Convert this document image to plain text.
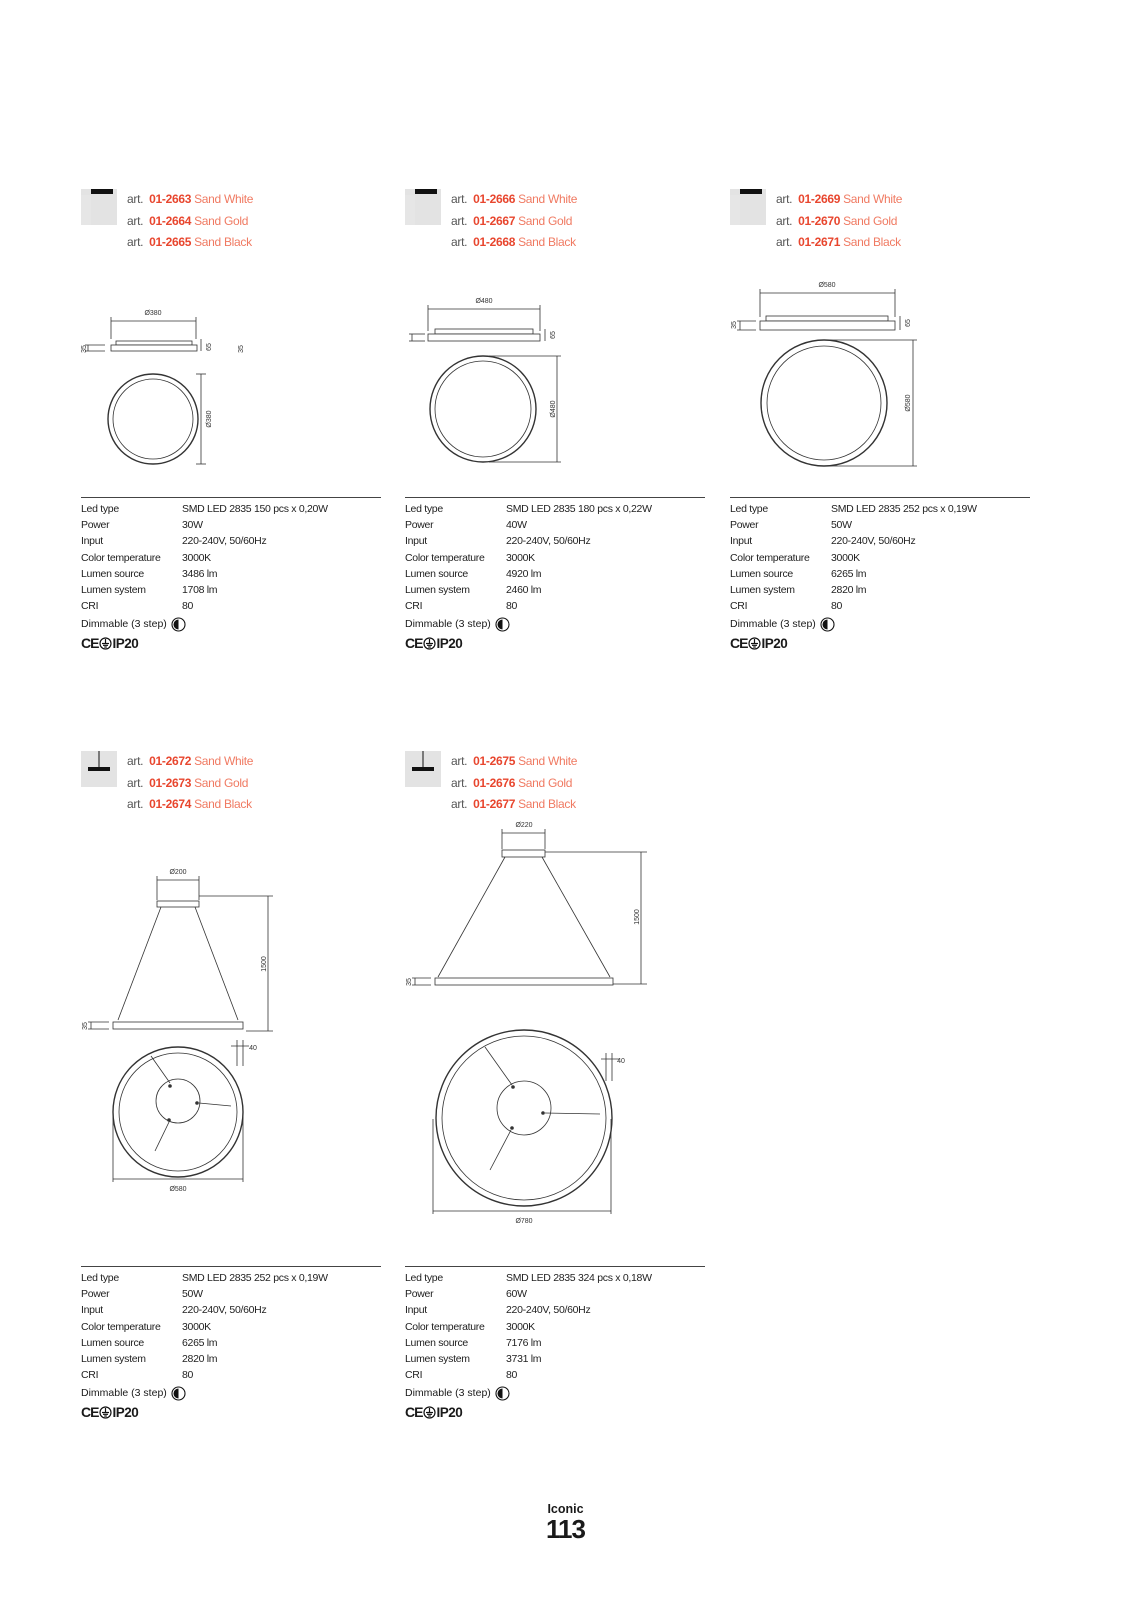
art. 01-2663 Sand White
art. 01-2664 Sand Gold
art. 01-2665 Sand Black
Ø380
65
35	35
Ø380
Led type	SMD LED 2835 150 pcs x 0,20W
Power	30W
Input	220-240V, 50/60Hz
Color temperature	3000K
Lumen source	3486 lm
Lumen system	1708 lm
CRI	80
Dimmable (3 step)
CE IP20
art. 01-2666 Sand White
art. 01-2667 Sand Gold
art. 01-2668 Sand Black
Ø480
65
Ø480
Led type	SMD LED 2835 180 pcs x 0,22W
Power	40W
Input	220-240V, 50/60Hz
Color temperature	3000K
Lumen source	4920 lm
Lumen system	2460 lm
CRI	80
Dimmable (3 step)
CE IP20
art. 01-2669 Sand White
art. 01-2670 Sand Gold
art. 01-2671 Sand Black
Ø580
65
35
Ø580
Led type	SMD LED 2835 252 pcs x 0,19W
Power	50W
Input	220-240V, 50/60Hz
Color temperature	3000K
Lumen source	6265 lm
Lumen system	2820 lm
CRI	80
Dimmable (3 step)
CE IP20
art. 01-2672 Sand White
art. 01-2673 Sand Gold
art. 01-2674 Sand Black
Ø200
1500
35
40
Ø580
Led type	SMD LED 2835 252 pcs x 0,19W
Power	50W
Input	220-240V, 50/60Hz
Color temperature	3000K
Lumen source	6265 lm
Lumen system	2820 lm
CRI	80
Dimmable (3 step)
CE IP20
art. 01-2675 Sand White
art. 01-2676 Sand Gold
art. 01-2677 Sand Black
Ø220
1500
35
40
Ø780
Led type	SMD LED 2835 324 pcs x 0,18W
Power	60W
Input	220-240V, 50/60Hz
Color temperature	3000K
Lumen source	7176 lm
Lumen system	3731 lm
CRI	80
Dimmable (3 step)
CE IP20
Iconic
113
